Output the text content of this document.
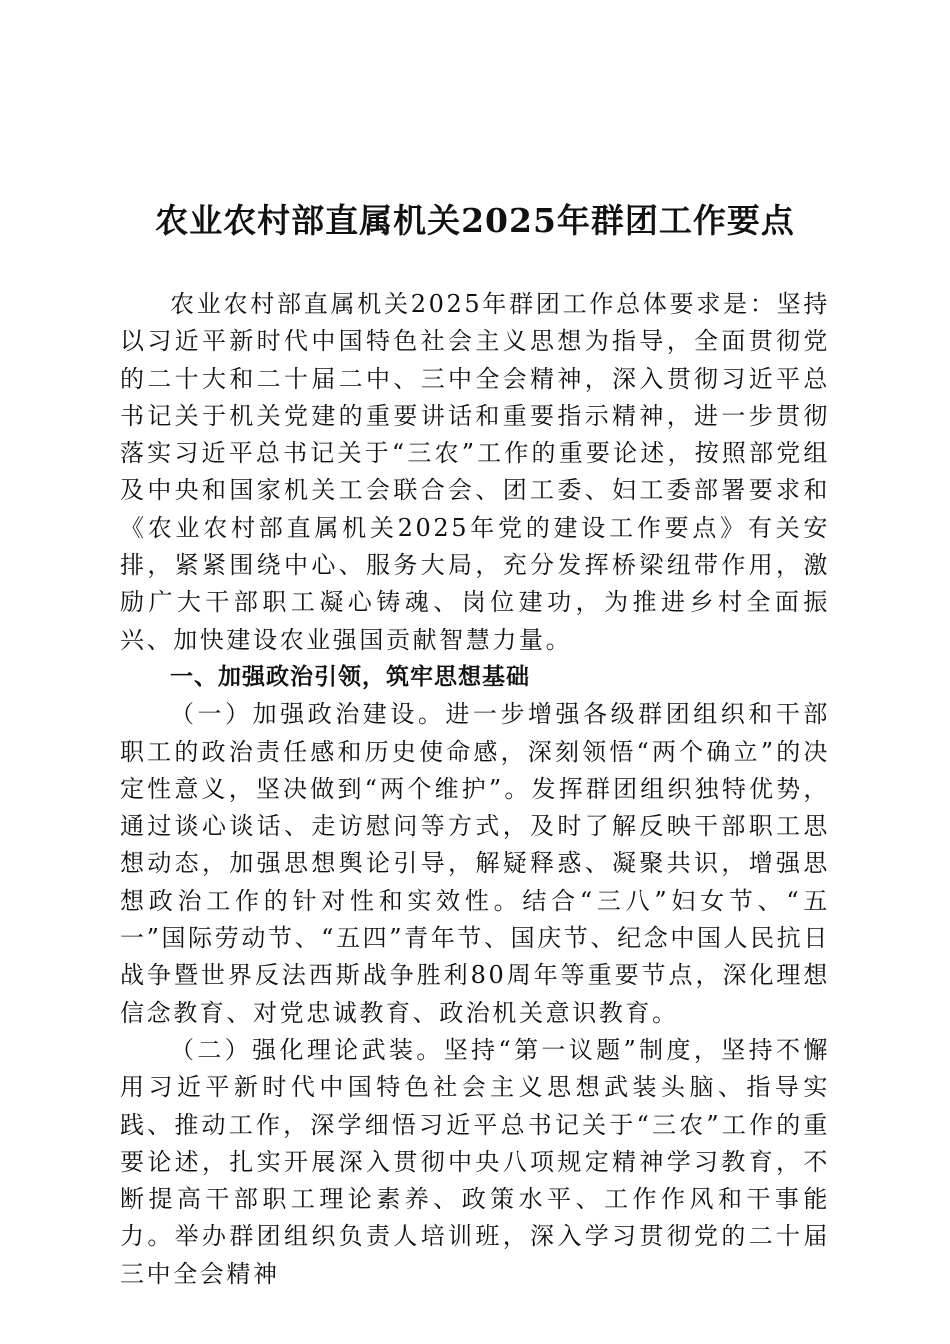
农业农村部直属机关2025年群团工作要点

农业农村部直属机关2025年群团工作总体要求是：坚持以习近平新时代中国特色社会主义思想为指导，全面贯彻党的二十大和二十届二中、三中全会精神，深入贯彻习近平总书记关于机关党建的重要讲话和重要指示精神，进一步贯彻落实习近平总书记关于“三农”工作的重要论述，按照部党组及中央和国家机关工会联合会、团工委、妇工委部署要求和《农业农村部直属机关2025年党的建设工作要点》有关安排，紧紧围绕中心、服务大局，充分发挥桥梁纽带作用，激励广大干部职工凝心铸魂、岗位建功，为推进乡村全面振兴、加快建设农业强国贡献智慧力量。

一、加强政治引领，筑牢思想基础

（一）加强政治建设。进一步增强各级群团组织和干部职工的政治责任感和历史使命感，深刻领悟“两个确立”的决定性意义，坚决做到“两个维护”。发挥群团组织独特优势，通过谈心谈话、走访慰问等方式，及时了解反映干部职工思想动态，加强思想舆论引导，解疑释惑、凝聚共识，增强思想政治工作的针对性和实效性。结合“三八”妇女节、“五一”国际劳动节、“五四”青年节、国庆节、纪念中国人民抗日战争暨世界反法西斯战争胜利80周年等重要节点，深化理想信念教育、对党忠诚教育、政治机关意识教育。

（二）强化理论武装。坚持“第一议题”制度，坚持不懈用习近平新时代中国特色社会主义思想武装头脑、指导实践、推动工作，深学细悟习近平总书记关于“三农”工作的重要论述，扎实开展深入贯彻中央八项规定精神学习教育，不断提高干部职工理论素养、政策水平、工作作风和干事能力。举办群团组织负责人培训班，深入学习贯彻党的二十届三中全会精神
